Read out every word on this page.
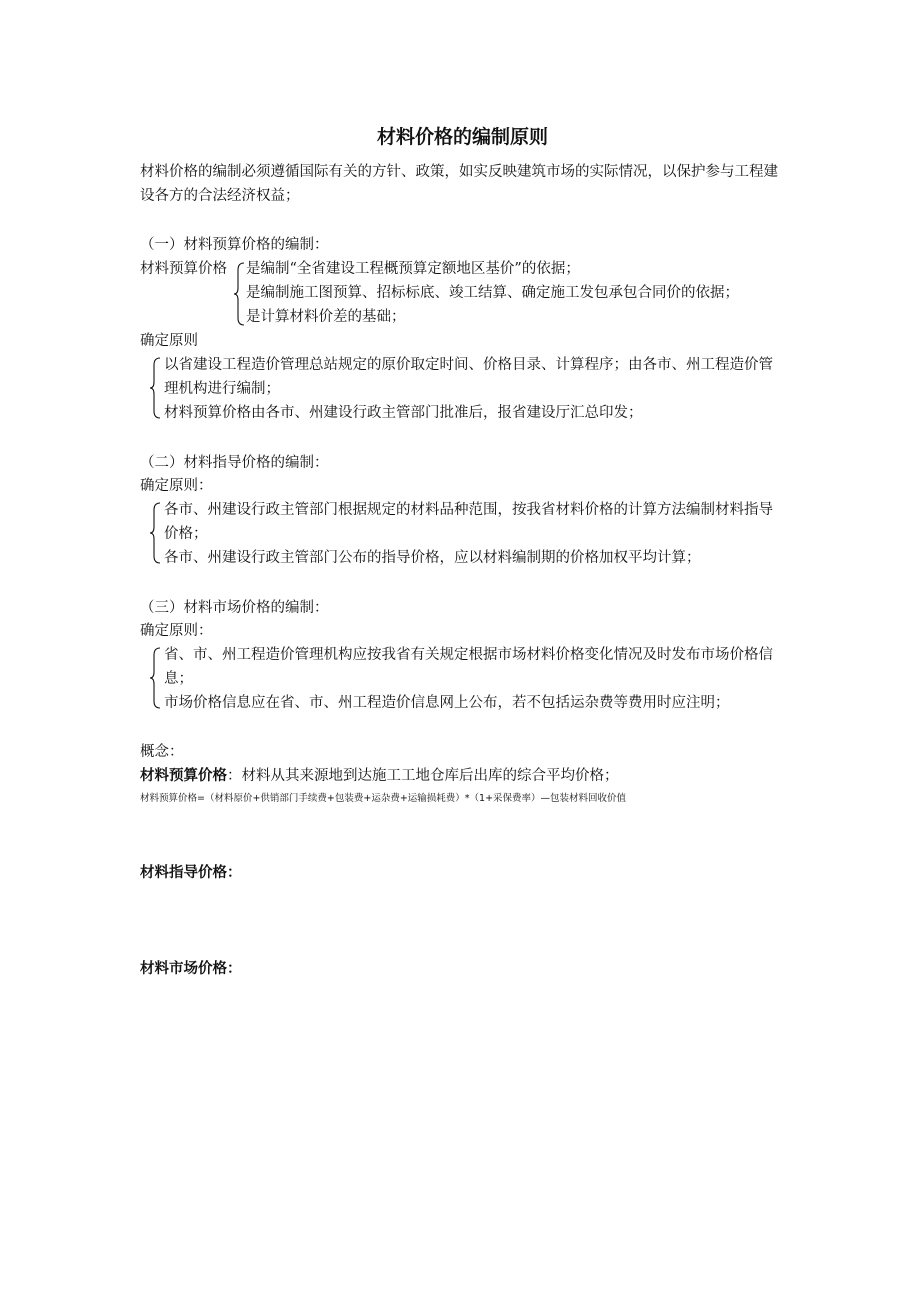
材料价格的编制原则
材料价格的编制必须遵循国际有关的方针、政策，如实反映建筑市场的实际情况，以保护参与工程建设各方的合法经济权益；
（一）材料预算价格的编制：
材料预算价格 是编制“全省建设工程概预算定额地区基价”的依据；
是编制施工图预算、招标标底、竣工结算、确定施工发包承包合同价的依据；
是计算材料价差的基础；
确定原则
以省建设工程造价管理总站规定的原价取定时间、价格目录、计算程序；由各市、州工程造价管理机构进行编制；
材料预算价格由各市、州建设行政主管部门批准后，报省建设厅汇总印发；
（二）材料指导价格的编制：
确定原则：
各市、州建设行政主管部门根据规定的材料品种范围，按我省材料价格的计算方法编制材料指导价格；
各市、州建设行政主管部门公布的指导价格，应以材料编制期的价格加权平均计算；
（三）材料市场价格的编制：
确定原则：
省、市、州工程造价管理机构应按我省有关规定根据市场材料价格变化情况及时发布市场价格信息；
市场价格信息应在省、市、州工程造价信息网上公布，若不包括运杂费等费用时应注明；
概念：
材料预算价格：材料从其来源地到达施工工地仓库后出库的综合平均价格；
材料预算价格=（材料原价+供销部门手续费+包装费+运杂费+运输损耗费）*（1+采保费率）—包装材料回收价值
材料指导价格：
材料市场价格：
